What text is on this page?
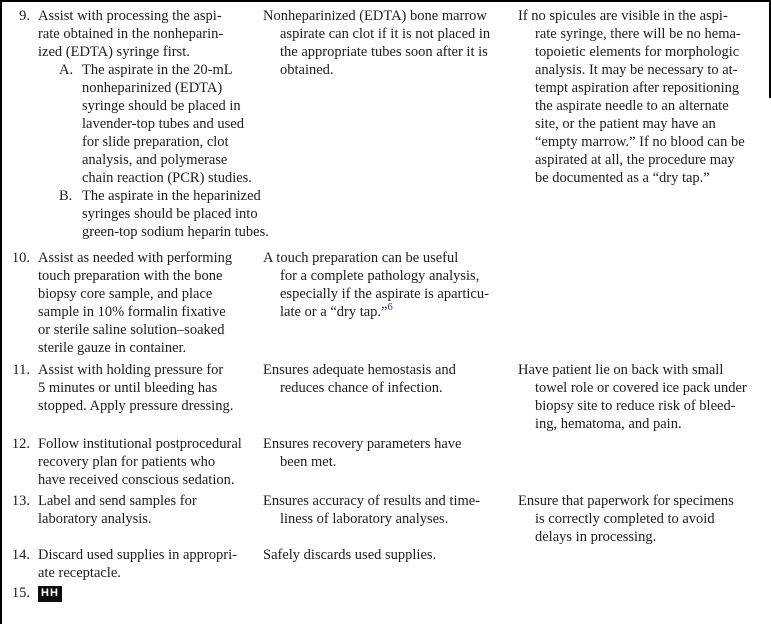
9. Assist with processing the aspi-
rate obtained in the nonheparin-
ized (EDTA) syringe first.
A. The aspirate in the 20-mL
nonheparinized (EDTA)
syringe should be placed in
lavender-top tubes and used
for slide preparation, clot
analysis, and polymerase
chain reaction (PCR) studies.
B. The aspirate in the heparinized
syringes should be placed into
green-top sodium heparin tubes.
Nonheparinized (EDTA) bone marrow
aspirate can clot if it is not placed in
the appropriate tubes soon after it is
obtained.
If no spicules are visible in the aspi-
rate syringe, there will be no hema-
topoietic elements for morphologic
analysis. It may be necessary to at-
tempt aspiration after repositioning
the aspirate needle to an alternate
site, or the patient may have an
“empty marrow.” If no blood can be
aspirated at all, the procedure may
be documented as a “dry tap.”
10. Assist as needed with performing
touch preparation with the bone
biopsy core sample, and place
sample in 10% formalin fixative
or sterile saline solution–soaked
sterile gauze in container.
A touch preparation can be useful
for a complete pathology analysis,
especially if the aspirate is aparticu-
late or a “dry tap.”$^6$
11. Assist with holding pressure for
5 minutes or until bleeding has
stopped. Apply pressure dressing.
Ensures adequate hemostasis and
reduces chance of infection.
Have patient lie on back with small
towel role or covered ice pack under
biopsy site to reduce risk of bleed-
ing, hematoma, and pain.
12. Follow institutional postprocedural
recovery plan for patients who
have received conscious sedation.
Ensures recovery parameters have
been met.
13. Label and send samples for
laboratory analysis.
Ensures accuracy of results and time-
liness of laboratory analyses.
Ensure that paperwork for specimens
is correctly completed to avoid
delays in processing.
14. Discard used supplies in appropri-
ate receptacle.
Safely discards used supplies.
15. HH
